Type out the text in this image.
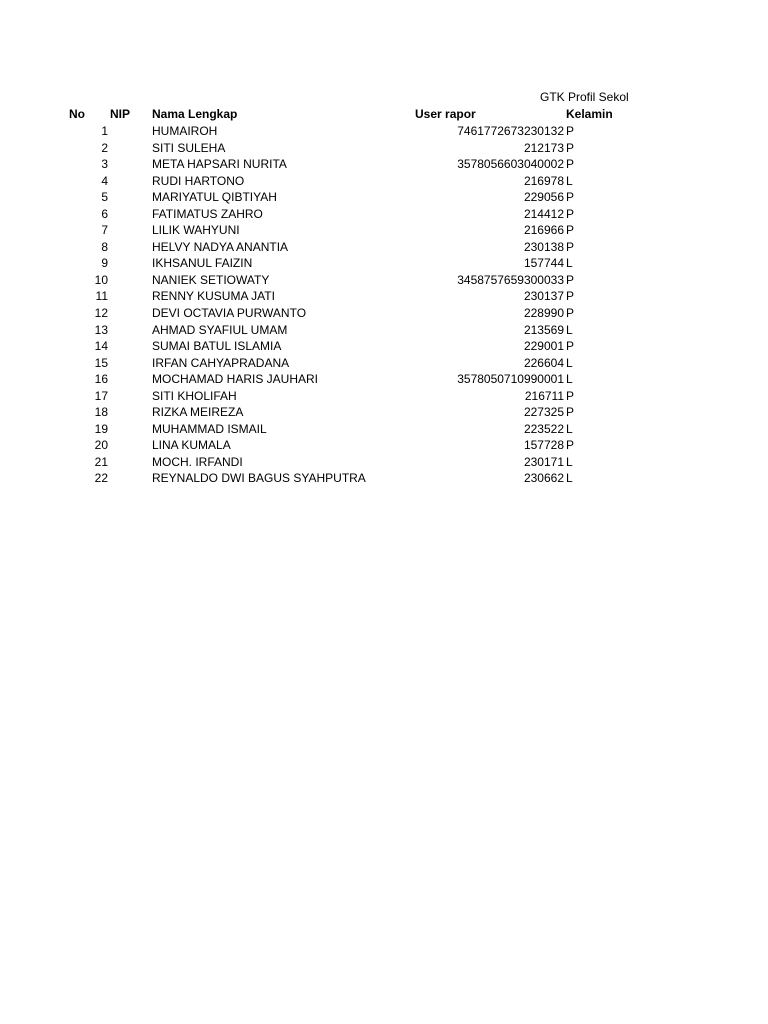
GTK Profil Sekol
No NIP Nama Lengkap	User rapor	Kelamin
1	HUMAIROH	7461772673230132 P
2	SITI SULEHA	212173 P
3	META HAPSARI NURITA	3578056603040002 P
4	RUDI HARTONO	216978 L
5	MARIYATUL QIBTIYAH	229056 P
6	FATIMATUS ZAHRO	214412 P
7	LILIK WAHYUNI	216966 P
8	HELVY NADYA ANANTIA	230138 P
9	IKHSANUL FAIZIN	157744 L
10	NANIEK SETIOWATY	3458757659300033 P
11	RENNY KUSUMA JATI	230137 P
12	DEVI OCTAVIA PURWANTO	228990 P
13	AHMAD SYAFIUL UMAM	213569 L
14	SUMAI BATUL ISLAMIA	229001 P
15	IRFAN CAHYAPRADANA	226604 L
16	MOCHAMAD HARIS JAUHARI	3578050710990001 L
17	SITI KHOLIFAH	216711 P
18	RIZKA MEIREZA	227325 P
19	MUHAMMAD ISMAIL	223522 L
20	LINA KUMALA	157728 P
21	MOCH. IRFANDI	230171 L
22	REYNALDO DWI BAGUS SYAHPUTRA	230662 L
